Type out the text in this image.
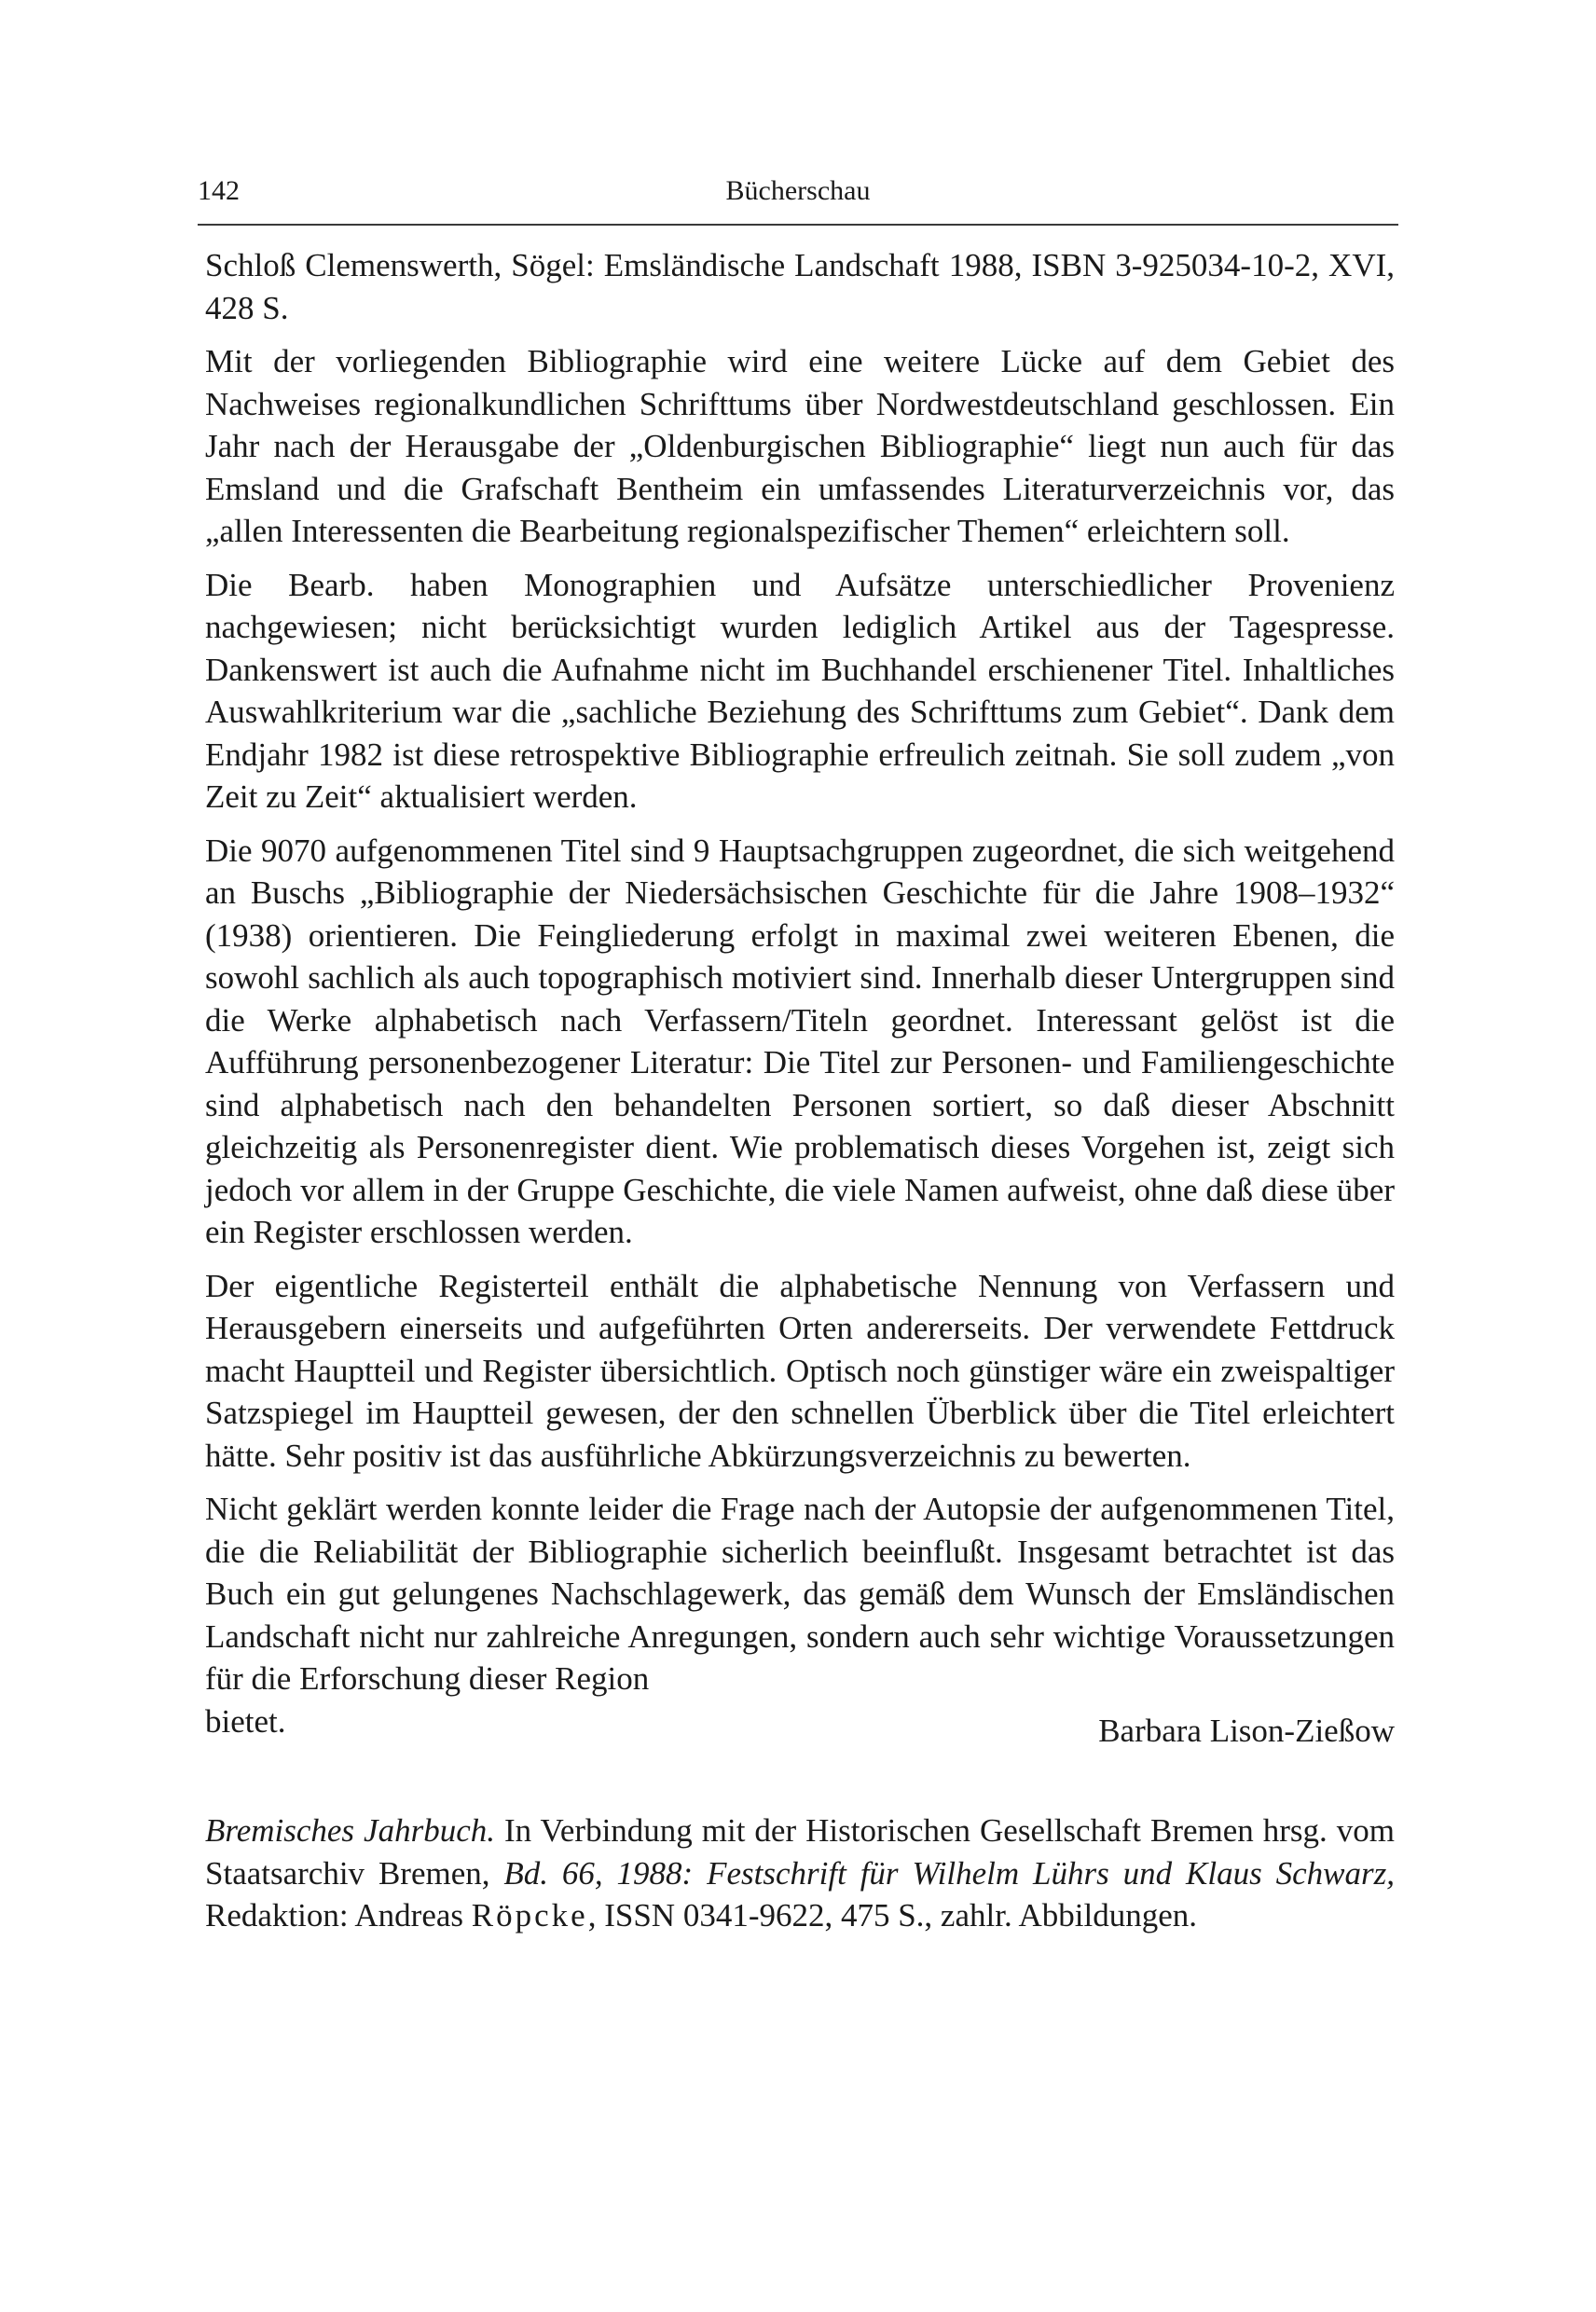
142	Bücherschau

Schloß Clemenswerth, Sögel: Emsländische Landschaft 1988, ISBN 3-925034-10-2, XVI, 428 S.

Mit der vorliegenden Bibliographie wird eine weitere Lücke auf dem Gebiet des Nachweises regionalkundlichen Schrifttums über Nordwestdeutschland geschlossen. Ein Jahr nach der Herausgabe der „Oldenburgischen Bibliographie“ liegt nun auch für das Emsland und die Grafschaft Bentheim ein umfassendes Literaturverzeichnis vor, das „allen Interessenten die Bearbeitung regionalspezifischer Themen“ erleichtern soll.

Die Bearb. haben Monographien und Aufsätze unterschiedlicher Provenienz nachgewiesen; nicht berücksichtigt wurden lediglich Artikel aus der Tagespresse. Dankenswert ist auch die Aufnahme nicht im Buchhandel erschienener Titel. Inhaltliches Auswahlkriterium war die „sachliche Beziehung des Schrifttums zum Gebiet“. Dank dem Endjahr 1982 ist diese retrospektive Bibliographie erfreulich zeitnah. Sie soll zudem „von Zeit zu Zeit“ aktualisiert werden.

Die 9070 aufgenommenen Titel sind 9 Hauptsachgruppen zugeordnet, die sich weitgehend an Buschs „Bibliographie der Niedersächsischen Geschichte für die Jahre 1908–1932“ (1938) orientieren. Die Feingliederung erfolgt in maximal zwei weiteren Ebenen, die sowohl sachlich als auch topographisch motiviert sind. Innerhalb dieser Untergruppen sind die Werke alphabetisch nach Verfassern/Titeln geordnet. Interessant gelöst ist die Aufführung personenbezogener Literatur: Die Titel zur Personen- und Familiengeschichte sind alphabetisch nach den behandelten Personen sortiert, so daß dieser Abschnitt gleichzeitig als Personenregister dient. Wie problematisch dieses Vorgehen ist, zeigt sich jedoch vor allem in der Gruppe Geschichte, die viele Namen aufweist, ohne daß diese über ein Register erschlossen werden.

Der eigentliche Registerteil enthält die alphabetische Nennung von Verfassern und Herausgebern einerseits und aufgeführten Orten andererseits. Der verwendete Fettdruck macht Hauptteil und Register übersichtlich. Optisch noch günstiger wäre ein zweispaltiger Satzspiegel im Hauptteil gewesen, der den schnellen Überblick über die Titel erleichtert hätte. Sehr positiv ist das ausführliche Abkürzungsverzeichnis zu bewerten.

Nicht geklärt werden konnte leider die Frage nach der Autopsie der aufgenommenen Titel, die die Reliabilität der Bibliographie sicherlich beeinflußt. Insgesamt betrachtet ist das Buch ein gut gelungenes Nachschlagewerk, das gemäß dem Wunsch der Emsländischen Landschaft nicht nur zahlreiche Anregungen, sondern auch sehr wichtige Voraussetzungen für die Erforschung dieser Region

bietet.	Barbara Lison-Zießow

Bremisches Jahrbuch. In Verbindung mit der Historischen Gesellschaft Bremen hrsg. vom Staatsarchiv Bremen, Bd. 66, 1988: Festschrift für Wilhelm Lührs und Klaus Schwarz, Redaktion: Andreas Röpcke, ISSN 0341-9622, 475 S., zahlr. Abbildungen.
